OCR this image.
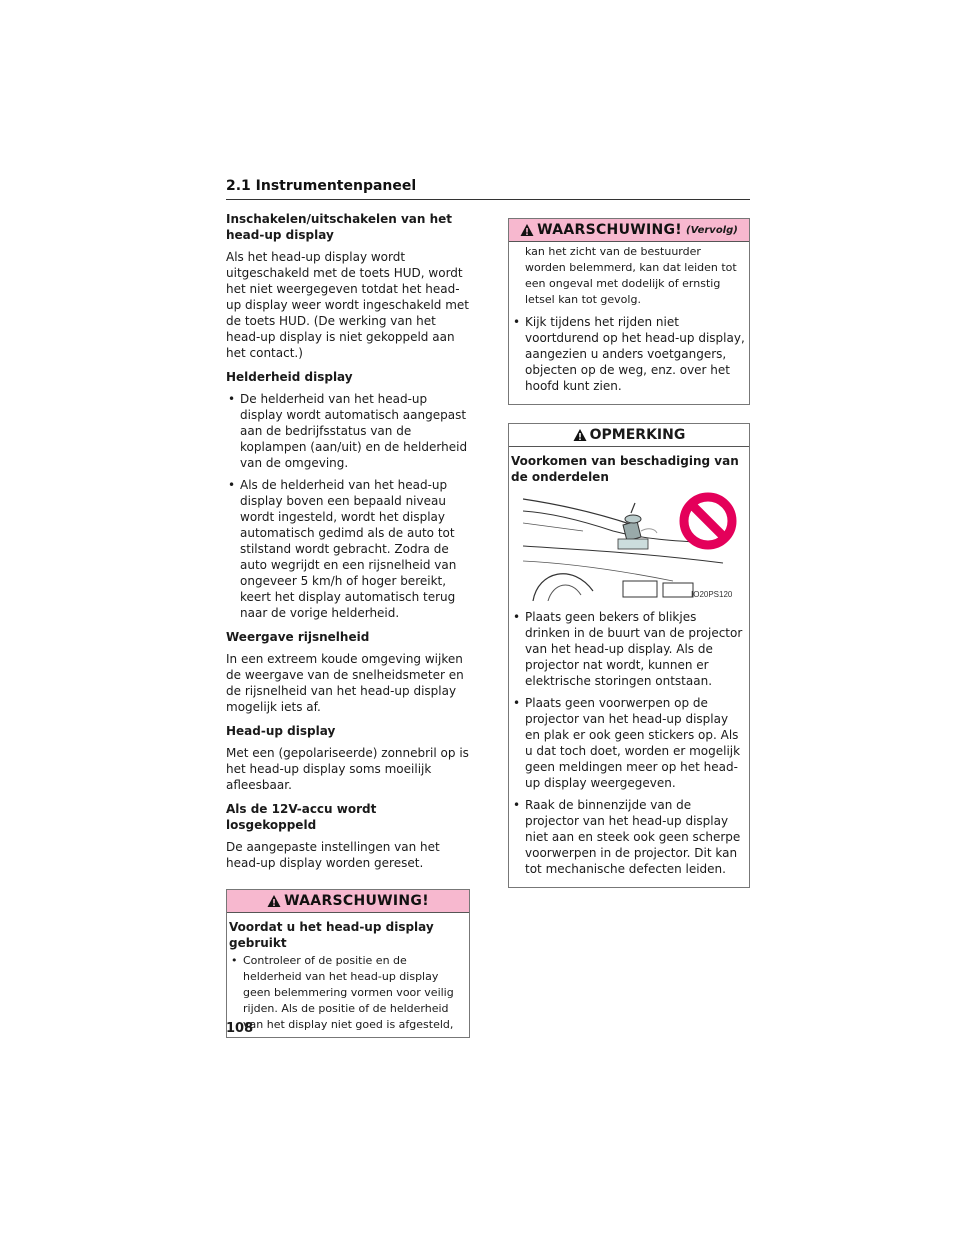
2.1 Instrumentenpaneel
Inschakelen/uitschakelen van het head-up display
Als het head-up display wordt uitgeschakeld met de toets HUD, wordt het niet weergegeven totdat het head-up display weer wordt ingeschakeld met de toets HUD. (De werking van het head-up display is niet gekoppeld aan het contact.)
Helderheid display
• De helderheid van het head-up display wordt automatisch aangepast aan de bedrijfsstatus van de koplampen (aan/uit) en de helderheid van de omgeving.
• Als de helderheid van het head-up display boven een bepaald niveau wordt ingesteld, wordt het display automatisch gedimd als de auto tot stilstand wordt gebracht. Zodra de auto wegrijdt en een rijsnelheid van ongeveer 5 km/h of hoger bereikt, keert het display automatisch terug naar de vorige helderheid.
Weergave rijsnelheid
In een extreem koude omgeving wijken de weergave van de snelheidsmeter en de rijsnelheid van het head-up display mogelijk iets af.
Head-up display
Met een (gepolariseerde) zonnebril op is het head-up display soms moeilijk afleesbaar.
Als de 12V-accu wordt losgekoppeld
De aangepaste instellingen van het head-up display worden gereset.
WAARSCHUWING!
Voordat u het head-up display gebruikt
• Controleer of de positie en de helderheid van het head-up display geen belemmering vormen voor veilig rijden. Als de positie of de helderheid van het display niet goed is afgesteld,
WAARSCHUWING! (Vervolg)
kan het zicht van de bestuurder worden belemmerd, kan dat leiden tot een ongeval met dodelijk of ernstig letsel kan tot gevolg.
• Kijk tijdens het rijden niet voortdurend op het head-up display, aangezien u anders voetgangers, objecten op de weg, enz. over het hoofd kunt zien.
OPMERKING
Voorkomen van beschadiging van de onderdelen
IO20PS120
• Plaats geen bekers of blikjes drinken in de buurt van de projector van het head-up display. Als de projector nat wordt, kunnen er elektrische storingen ontstaan.
• Plaats geen voorwerpen op de projector van het head-up display en plak er ook geen stickers op. Als u dat toch doet, worden er mogelijk geen meldingen meer op het head-up display weergegeven.
• Raak de binnenzijde van de projector van het head-up display niet aan en steek ook geen scherpe voorwerpen in de projector. Dit kan tot mechanische defecten leiden.
108
